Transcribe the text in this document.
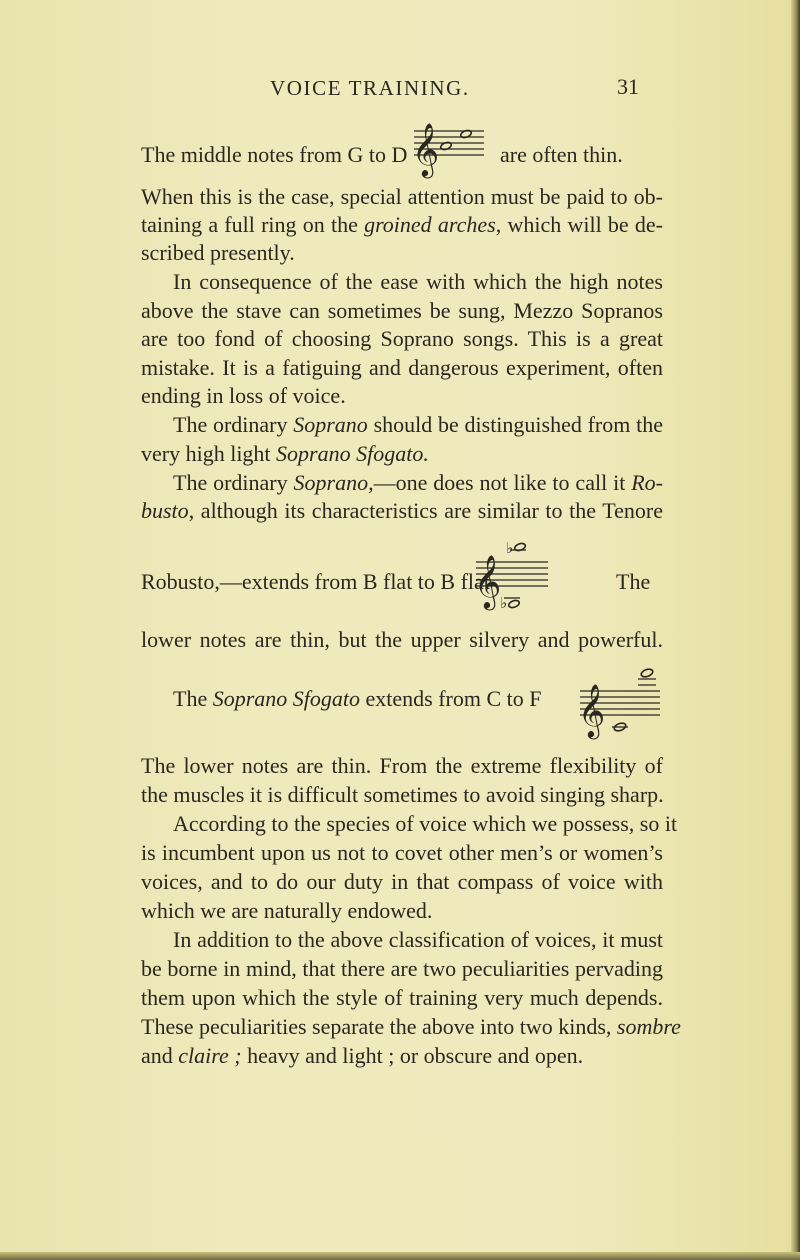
VOICE TRAINING.	31
The middle notes from G to D 𝄞	are often thin.
When this is the case, special attention must be paid to ob-
taining a full ring on the groined arches, which will be de-
scribed presently.
In consequence of the ease with which the high notes
above the stave can sometimes be sung, Mezzo Sopranos
are too fond of choosing Soprano songs. This is a great
mistake. It is a fatiguing and dangerous experiment, often
ending in loss of voice.
The ordinary Soprano should be distinguished from the
very high light Soprano Sfogato.
The ordinary Soprano,—one does not like to call it Ro-
busto, although its characteristics are similar to the Tenore
Robusto,—extends from B flat to B flat
𝄞
♭
♭
The
lower notes are thin, but the upper silvery and powerful.
The Soprano Sfogato extends from C to F 𝄞
The lower notes are thin. From the extreme flexibility of
the muscles it is difficult sometimes to avoid singing sharp.
According to the species of voice which we possess, so it
is incumbent upon us not to covet other men’s or women’s
voices, and to do our duty in that compass of voice with
which we are naturally endowed.
In addition to the above classification of voices, it must
be borne in mind, that there are two peculiarities pervading
them upon which the style of training very much depends.
These peculiarities separate the above into two kinds, sombre
and claire ; heavy and light ; or obscure and open.
